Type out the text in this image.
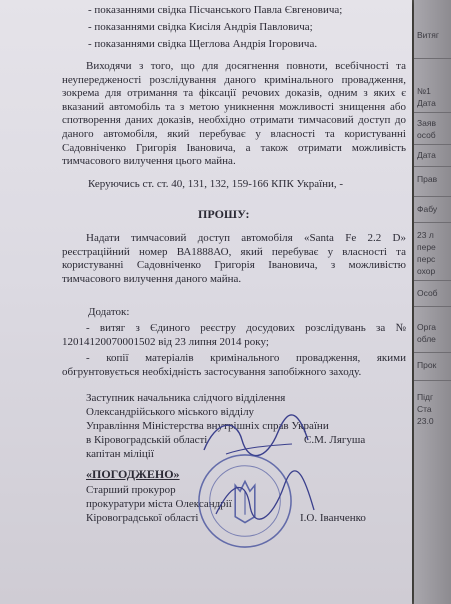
- показаннями свідка Пісчанського Павла Євгеновича;
- показаннями свідка Кисіля Андрія Павловича;
- показаннями свідка Щеглова Андрія Ігоровича.
Виходячи з того, що для досягнення повноти, всебічності та неупередженості розслідування даного кримінального провадження, зокрема для отримання та фіксації речових доказів, одним з яких є вказаний автомобіль та з метою уникнення можливості знищення або спотворення даних доказів, необхідно отримати тимчасовий доступ до даного автомобіля, який перебуває у власності та користуванні Садовніченко Григорія Івановича, а також отримати можливість тимчасового вилучення цього майна.
Керуючись ст. ст. 40, 131, 132, 159-166 КПК України, -
ПРОШУ:
Надати тимчасовий доступ автомобіля «Santa Fe 2.2 D» реєстраційний номер ВА1888АО, який перебуває у власності та користуванні Садовніченко Григорія Івановича, з можливістю тимчасового вилучення даного майна.
Додаток:
- витяг з Єдиного реєстру досудових розслідувань за № 12014120070001502 від 23 липня 2014 року;
- копії матеріалів кримінального провадження, якими обгрунтовується необхідність застосування запобіжного заходу.
Заступник начальника слідчого відділення
Олександрійського міського відділу
Управління Міністерства внутрішніх справ України
в Кіровоградській області
капітан міліції
С.М. Лягуша
«ПОГОДЖЕНО»
Старший прокурор
прокуратури міста Олександрії
Кіровоградської області	І.О. Іванченко
Витяг
№1
Дата
Заяв
особ
Дата
Прав
Фабу
23 л
пере
перс
охор
Особ
Орга
обле
Прок
Підг
Ста
23.0
